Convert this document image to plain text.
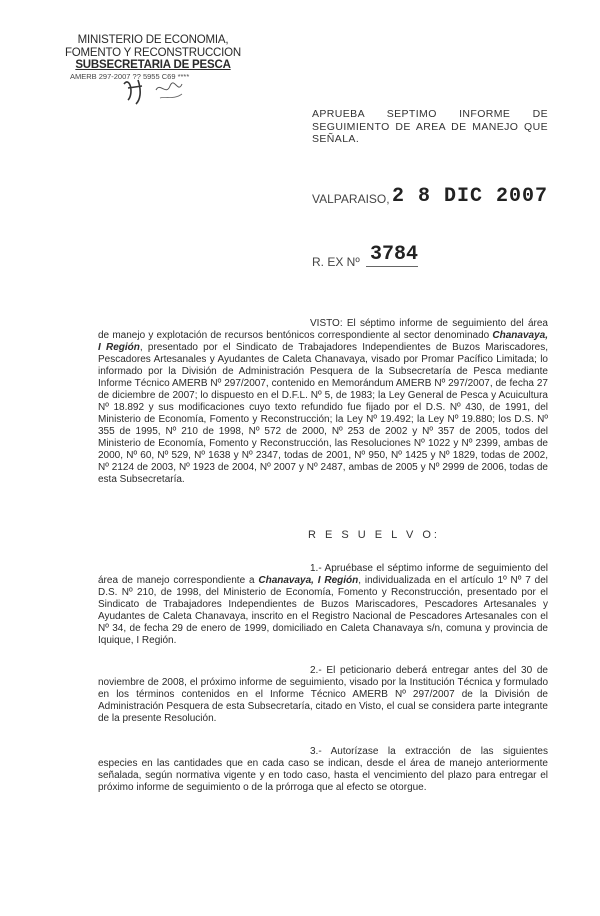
MINISTERIO DE ECONOMIA,
FOMENTO Y RECONSTRUCCION
SUBSECRETARIA DE PESCA
AMERB 297-2007 ?? 5955 C69 ****
APRUEBA SEPTIMO INFORME DE SEGUIMIENTO DE AREA DE MANEJO QUE SEÑALA.
VALPARAISO, 2 8 DIC 2007
R. EX Nº 3784
VISTO: El séptimo informe de seguimiento del área de manejo y explotación de recursos bentónicos correspondiente al sector denominado Chanavaya, I Región, presentado por el Sindicato de Trabajadores Independientes de Buzos Mariscadores, Pescadores Artesanales y Ayudantes de Caleta Chanavaya, visado por Promar Pacífico Limitada; lo informado por la División de Administración Pesquera de la Subsecretaría de Pesca mediante Informe Técnico AMERB Nº 297/2007, contenido en Memorándum AMERB Nº 297/2007, de fecha 27 de diciembre de 2007; lo dispuesto en el D.F.L. Nº 5, de 1983; la Ley General de Pesca y Acuicultura Nº 18.892 y sus modificaciones cuyo texto refundido fue fijado por el D.S. Nº 430, de 1991, del Ministerio de Economía, Fomento y Reconstrucción; la Ley Nº 19.492; la Ley Nº 19.880; los D.S. Nº 355 de 1995, Nº 210 de 1998, Nº 572 de 2000, Nº 253 de 2002 y Nº 357 de 2005, todos del Ministerio de Economía, Fomento y Reconstrucción, las Resoluciones Nº 1022 y Nº 2399, ambas de 2000, Nº 60, Nº 529, Nº 1638 y Nº 2347, todas de 2001, Nº 950, Nº 1425 y Nº 1829, todas de 2002, Nº 2124 de 2003, Nº 1923 de 2004, Nº 2007 y Nº 2487, ambas de 2005 y Nº 2999 de 2006, todas de esta Subsecretaría.
R E S U E L V O:
1.- Apruébase el séptimo informe de seguimiento del área de manejo correspondiente a Chanavaya, I Región, individualizada en el artículo 1º Nº 7 del D.S. Nº 210, de 1998, del Ministerio de Economía, Fomento y Reconstrucción, presentado por el Sindicato de Trabajadores Independientes de Buzos Mariscadores, Pescadores Artesanales y Ayudantes de Caleta Chanavaya, inscrito en el Registro Nacional de Pescadores Artesanales con el Nº 34, de fecha 29 de enero de 1999, domiciliado en Caleta Chanavaya s/n, comuna y provincia de Iquique, I Región.
2.- El peticionario deberá entregar antes del 30 de noviembre de 2008, el próximo informe de seguimiento, visado por la Institución Técnica y formulado en los términos contenidos en el Informe Técnico AMERB Nº 297/2007 de la División de Administración Pesquera de esta Subsecretaría, citado en Visto, el cual se considera parte integrante de la presente Resolución.
3.- Autorízase la extracción de las siguientes especies en las cantidades que en cada caso se indican, desde el área de manejo anteriormente señalada, según normativa vigente y en todo caso, hasta el vencimiento del plazo para entregar el próximo informe de seguimiento o de la prórroga que al efecto se otorgue.
